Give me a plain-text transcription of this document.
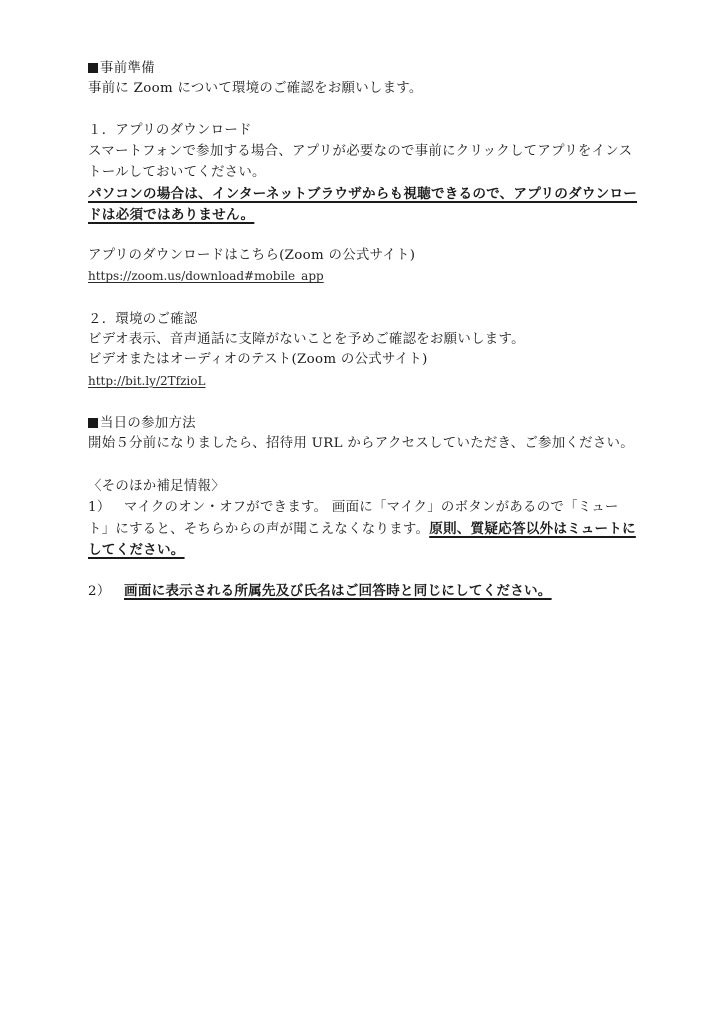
事前準備
事前に Zoom について環境のご確認をお願いします。
１．アプリのダウンロード
スマートフォンで参加する場合、アプリが必要なので事前にクリックしてアプリをインス
トールしておいてください。
パソコンの場合は、インターネットブラウザからも視聴できるので、アプリのダウンロー
ドは必須ではありません。
アプリのダウンロードはこちら(Zoom の公式サイト)
https://zoom.us/download#mobile_app
２．環境のご確認
ビデオ表示、音声通話に支障がないことを予めご確認をお願いします。
ビデオまたはオーディオのテスト(Zoom の公式サイト)
http://bit.ly/2TfzioL
当日の参加方法
開始５分前になりましたら、招待用 URL からアクセスしていただき、ご参加ください。
〈そのほか補足情報〉
1） マイクのオン・オフができます。 画面に「マイク」のボタンがあるので「ミュー
ト」にすると、そちらからの声が聞こえなくなります。原則、質疑応答以外はミュートに
してください。
2） 画面に表示される所属先及び氏名はご回答時と同じにしてください。
